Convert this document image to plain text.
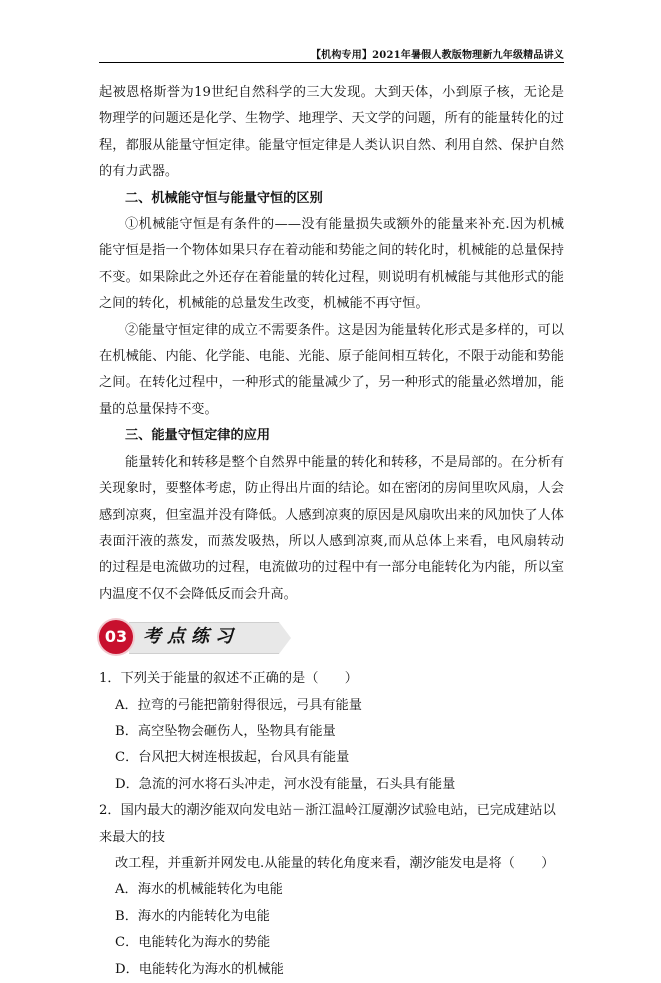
【机构专用】2021年暑假人教版物理新九年级精品讲义

起被恩格斯誉为19世纪自然科学的三大发现。大到天体，小到原子核，无论是物理学的问题还是化学、生物学、地理学、天文学的问题，所有的能量转化的过程，都服从能量守恒定律。能量守恒定律是人类认识自然、利用自然、保护自然的有力武器。

二、机械能守恒与能量守恒的区别

①机械能守恒是有条件的——没有能量损失或额外的能量来补充.因为机械能守恒是指一个物体如果只存在着动能和势能之间的转化时，机械能的总量保持不变。如果除此之外还存在着能量的转化过程，则说明有机械能与其他形式的能之间的转化，机械能的总量发生改变，机械能不再守恒。

②能量守恒定律的成立不需要条件。这是因为能量转化形式是多样的，可以在机械能、内能、化学能、电能、光能、原子能间相互转化，不限于动能和势能之间。在转化过程中，一种形式的能量减少了，另一种形式的能量必然增加，能量的总量保持不变。

三、能量守恒定律的应用

能量转化和转移是整个自然界中能量的转化和转移，不是局部的。在分析有关现象时，要整体考虑，防止得出片面的结论。如在密闭的房间里吹风扇，人会感到凉爽，但室温并没有降低。人感到凉爽的原因是风扇吹出来的风加快了人体表面汗液的蒸发，而蒸发吸热，所以人感到凉爽,而从总体上来看，电风扇转动的过程是电流做功的过程，电流做功的过程中有一部分电能转化为内能，所以室内温度不仅不会降低反而会升高。

03 考点练习

1．下列关于能量的叙述不正确的是（　　）

A．拉弯的弓能把箭射得很远，弓具有能量

B．高空坠物会砸伤人，坠物具有能量

C．台风把大树连根拔起，台风具有能量

D．急流的河水将石头冲走，河水没有能量，石头具有能量

2．国内最大的潮汐能双向发电站－浙江温岭江厦潮汐试验电站，已完成建站以来最大的技

改工程，并重新并网发电.从能量的转化角度来看，潮汐能发电是将（　　）

A．海水的机械能转化为电能

B．海水的内能转化为电能

C．电能转化为海水的势能

D．电能转化为海水的机械能
